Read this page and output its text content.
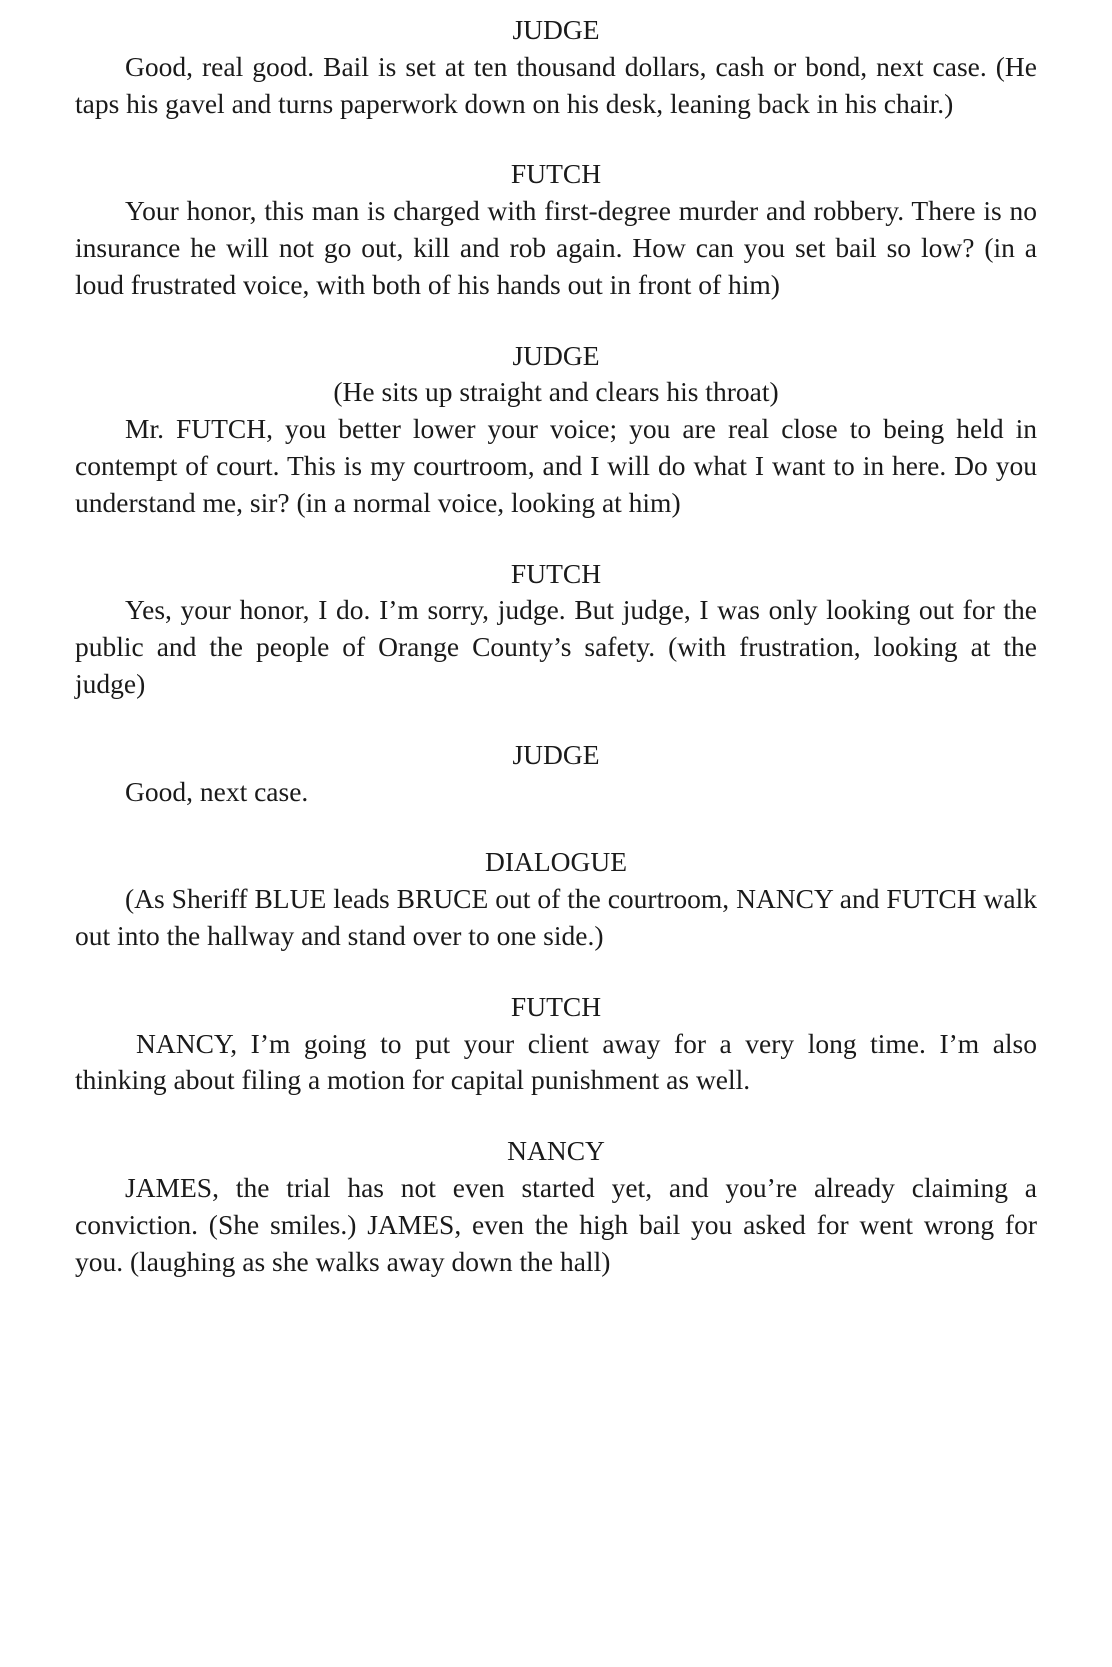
JUDGE

Good, real good. Bail is set at ten thousand dollars, cash or bond, next case. (He taps his gavel and turns paperwork down on his desk, leaning back in his chair.)

FUTCH

Your honor, this man is charged with first-degree murder and robbery. There is no insurance he will not go out, kill and rob again. How can you set bail so low? (in a loud frustrated voice, with both of his hands out in front of him)

JUDGE

(He sits up straight and clears his throat)

Mr. FUTCH, you better lower your voice; you are real close to being held in contempt of court. This is my courtroom, and I will do what I want to in here. Do you understand me, sir? (in a normal voice, looking at him)

FUTCH

Yes, your honor, I do. I’m sorry, judge. But judge, I was only looking out for the public and the people of Orange County’s safety. (with frustration, looking at the judge)

JUDGE

Good, next case.

DIALOGUE

(As Sheriff BLUE leads BRUCE out of the courtroom, NANCY and FUTCH walk out into the hallway and stand over to one side.)

FUTCH

NANCY, I’m going to put your client away for a very long time. I’m also thinking about filing a motion for capital punishment as well.

NANCY

JAMES, the trial has not even started yet, and you’re already claiming a conviction. (She smiles.) JAMES, even the high bail you asked for went wrong for you. (laughing as she walks away down the hall)
